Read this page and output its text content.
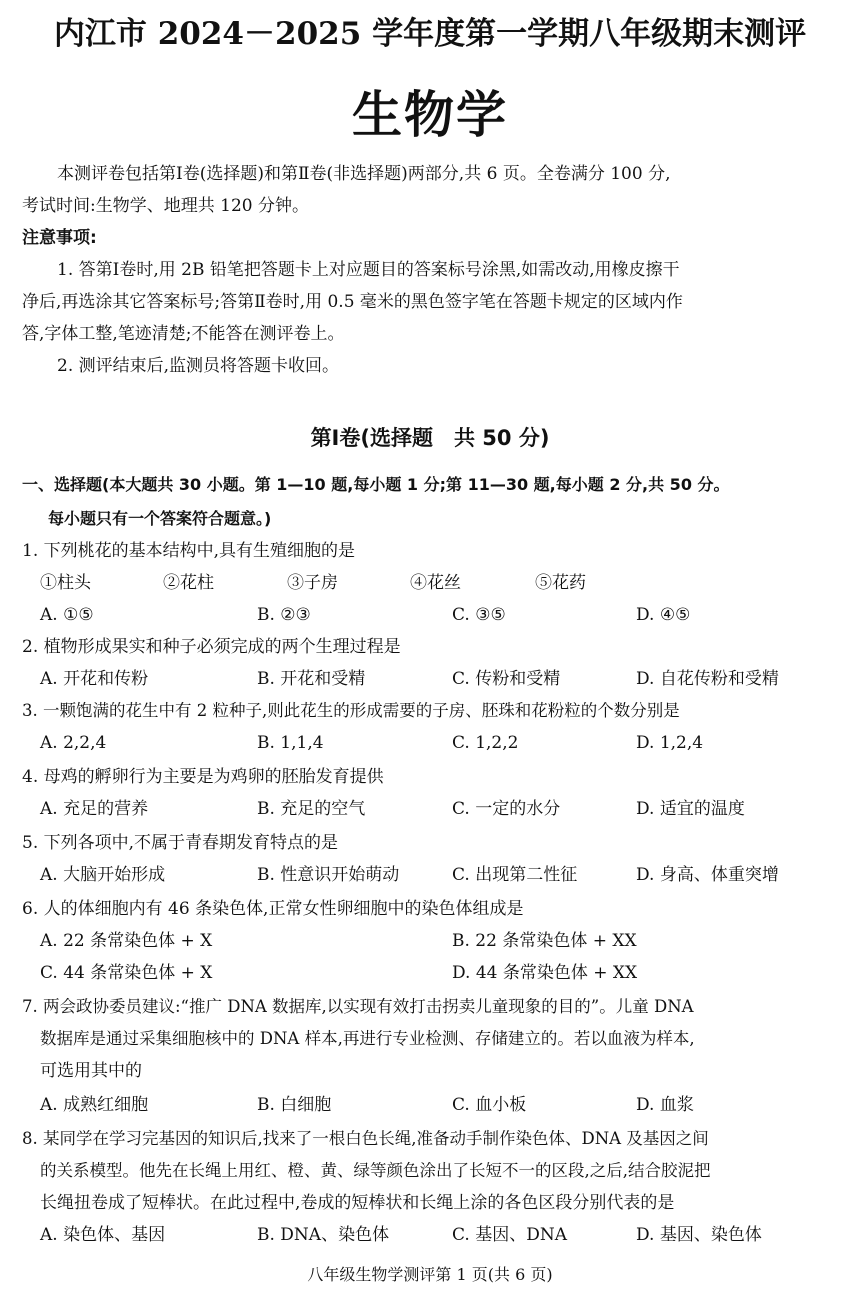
内江市 2024－2025 学年度第一学期八年级期末测评
生物学
本测评卷包括第Ⅰ卷(选择题)和第Ⅱ卷(非选择题)两部分,共 6 页。全卷满分 100 分,
考试时间:生物学、地理共 120 分钟。
注意事项:
1. 答第Ⅰ卷时,用 2B 铅笔把答题卡上对应题目的答案标号涂黑,如需改动,用橡皮擦干
净后,再选涂其它答案标号;答第Ⅱ卷时,用 0.5 毫米的黑色签字笔在答题卡规定的区域内作
答,字体工整,笔迹清楚;不能答在测评卷上。
2. 测评结束后,监测员将答题卡收回。
第Ⅰ卷(选择题　共 50 分)
一、选择题(本大题共 30 小题。第 1—10 题,每小题 1 分;第 11—30 题,每小题 2 分,共 50 分。
每小题只有一个答案符合题意。)
1. 下列桃花的基本结构中,具有生殖细胞的是
①柱头	②花柱	③子房	④花丝	⑤花药
A. ①⑤	B. ②③	C. ③⑤	D. ④⑤
2. 植物形成果实和种子必须完成的两个生理过程是
A. 开花和传粉	B. 开花和受精	C. 传粉和受精	D. 自花传粉和受精
3. 一颗饱满的花生中有 2 粒种子,则此花生的形成需要的子房、胚珠和花粉粒的个数分别是
A. 2,2,4	B. 1,1,4	C. 1,2,2	D. 1,2,4
4. 母鸡的孵卵行为主要是为鸡卵的胚胎发育提供
A. 充足的营养	B. 充足的空气	C. 一定的水分	D. 适宜的温度
5. 下列各项中,不属于青春期发育特点的是
A. 大脑开始形成	B. 性意识开始萌动	C. 出现第二性征	D. 身高、体重突增
6. 人的体细胞内有 46 条染色体,正常女性卵细胞中的染色体组成是
A. 22 条常染色体 + X	B. 22 条常染色体 + XX
C. 44 条常染色体 + X	D. 44 条常染色体 + XX
7. 两会政协委员建议:“推广 DNA 数据库,以实现有效打击拐卖儿童现象的目的”。儿童 DNA
数据库是通过采集细胞核中的 DNA 样本,再进行专业检测、存储建立的。若以血液为样本,
可选用其中的
A. 成熟红细胞	B. 白细胞	C. 血小板	D. 血浆
8. 某同学在学习完基因的知识后,找来了一根白色长绳,准备动手制作染色体、DNA 及基因之间
的关系模型。他先在长绳上用红、橙、黄、绿等颜色涂出了长短不一的区段,之后,结合胶泥把
长绳扭卷成了短棒状。在此过程中,卷成的短棒状和长绳上涂的各色区段分别代表的是
A. 染色体、基因	B. DNA、染色体	C. 基因、DNA	D. 基因、染色体
八年级生物学测评第 1 页(共 6 页)
